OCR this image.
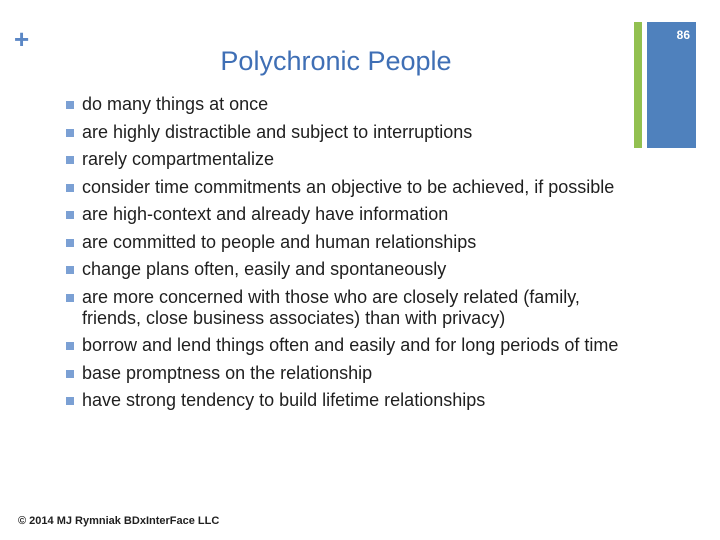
+	86
Polychronic People
do many things at once
are highly distractible and subject to interruptions
rarely compartmentalize
consider time commitments an objective to be achieved, if possible
are high-context and already have information
are committed to people and human relationships
change plans often, easily and spontaneously
are more concerned with those who are closely related (family, friends, close business associates) than with privacy)
borrow and lend things often and easily and for long periods of time
base promptness on the relationship
have strong tendency to build lifetime relationships
© 2014 MJ Rymniak BDxInterFace LLC
